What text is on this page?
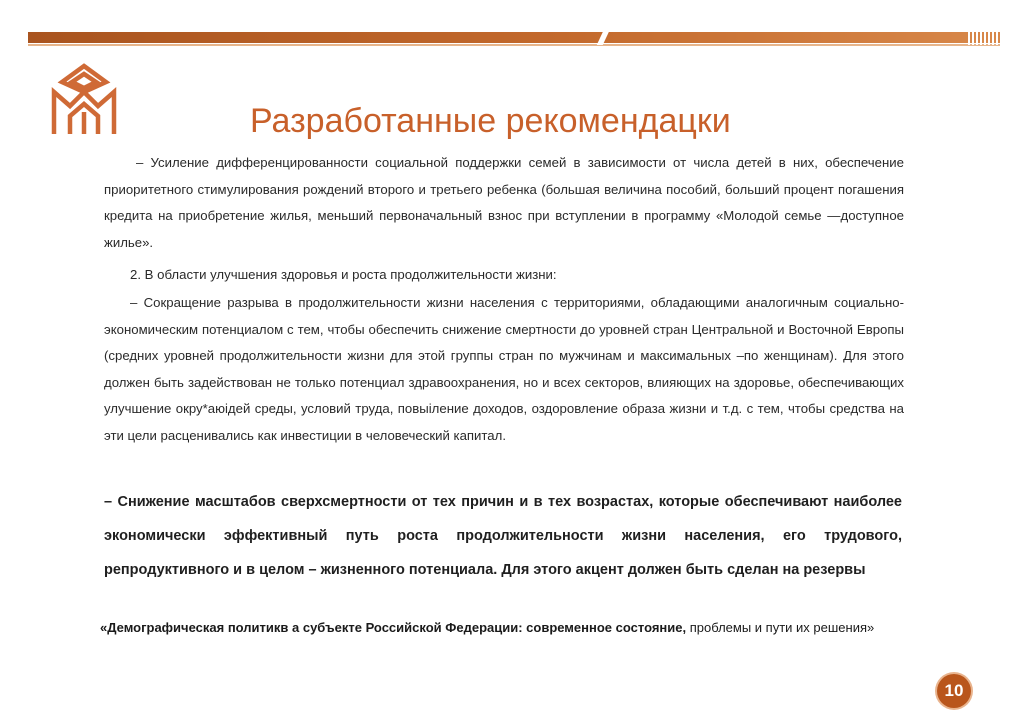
Разработанные рекомендацки
– Усиление дифференцированности социальной поддержки семей в зависимости от числа детей в них, обеспечение приоритетного стимулирования рождений второго и третьего ребенка (большая величина пособий, больший процент погашения кредита на приобретение жилья, меньший первоначальный взнос при вступлении в программу «Молодой семье —доступное жилье».
2. В области улучшения здоровья и роста продолжительности жизни:
– Сокращение разрыва в продолжительности жизни населения с территориями, обладающими аналогичным социально-экономическим потенциалом с тем, чтобы обеспечить снижение смертности до уровней стран Центральной и Восточной Европы (средних уровней продолжительности жизни для этой группы стран по мужчинам и максимальных –по женщинам). Для этого должен быть задействован не только потенциал здравоохранения, но и всех секторов, влияющих на здоровье, обеспечивающих улучшение окру*аюiдей среды, условий труда, повыiление доходов, оздоровление образа жизни и т.д. с тем, чтобы средства на эти цели расценивались как инвестиции в человеческий капитал.
– Снижение масштабов сверхсмертности от тех причин и в тех возрастах, которые обеспечивают наиболее экономически эффективный путь роста продолжительности жизни населения, его трудового, репродуктивного и в целом – жизненного потенциала. Для этого акцент должен быть сделан на резервы
«Демографическая политикв а субъекте Российской Федерации: современное состояние, проблемы и пути их решения»
10
